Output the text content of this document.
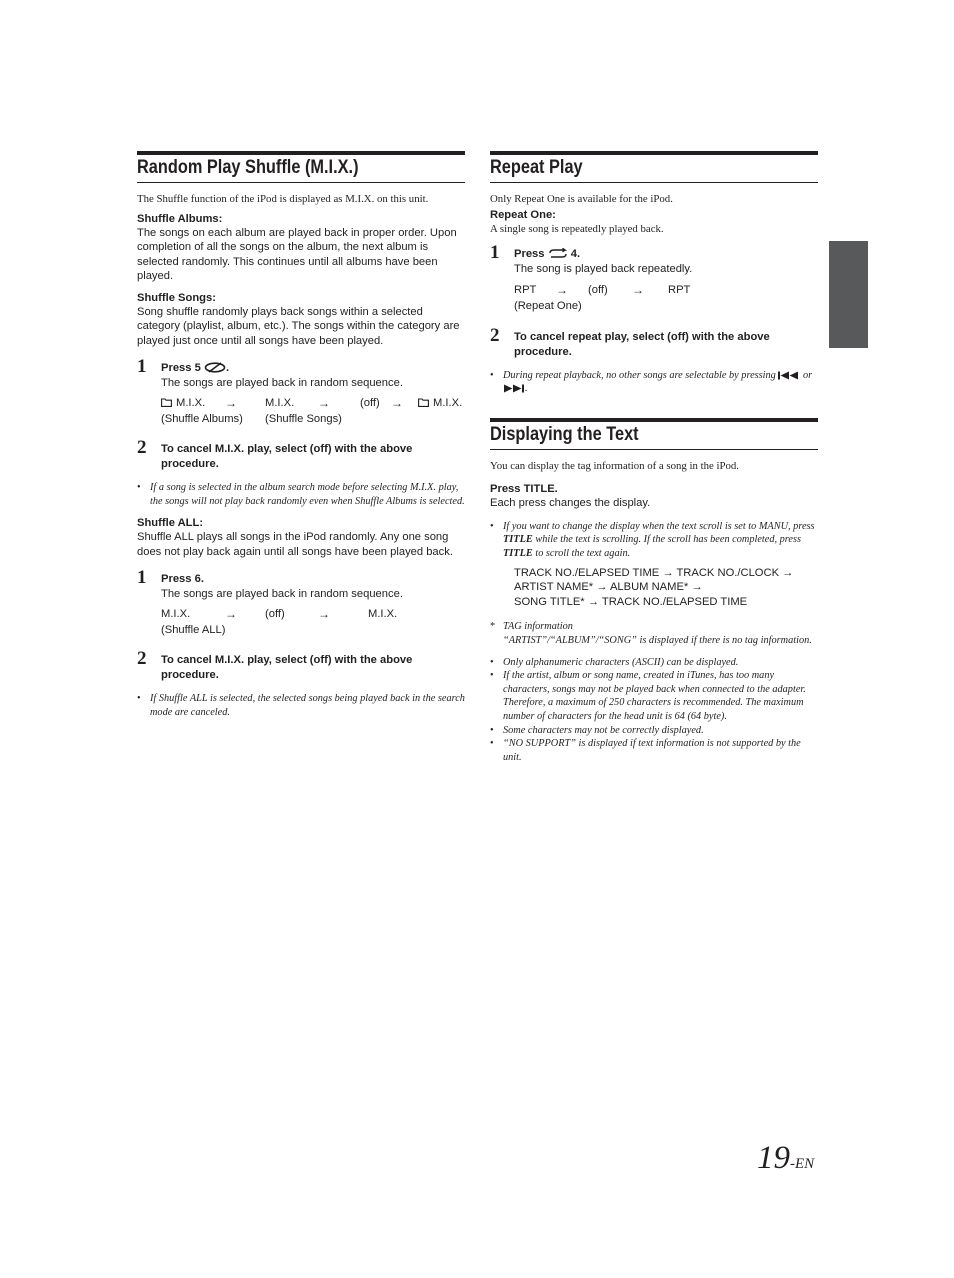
Random Play Shuffle (M.I.X.)
The Shuffle function of the iPod is displayed as M.I.X. on this unit.
Shuffle Albums:
The songs on each album are played back in proper order. Upon completion of all the songs on the album, the next album is selected randomly. This continues until all albums have been played.
Shuffle Songs:
Song shuffle randomly plays back songs within a selected category (playlist, album, etc.). The songs within the category are played just once until all songs have been played.
1 Press 5 .
The songs are played back in random sequence.
M.I.X. →	M.I.X. →	(off) →	M.I.X.
(Shuffle Albums) (Shuffle Songs)
2 To cancel M.I.X. play, select (off) with the above procedure.
• If a song is selected in the album search mode before selecting M.I.X. play, the songs will not play back randomly even when Shuffle Albums is selected.
Shuffle ALL:
Shuffle ALL plays all songs in the iPod randomly. Any one song does not play back again until all songs have been played back.
1 Press 6.
The songs are played back in random sequence.
M.I.X.	→	(off)	→	M.I.X.
(Shuffle ALL)
2 To cancel M.I.X. play, select (off) with the above procedure.
• If Shuffle ALL is selected, the selected songs being played back in the search mode are canceled.
Repeat Play
Only Repeat One is available for the iPod.
Repeat One:
A single song is repeatedly played back.
1 Press 4.
The song is played back repeatedly.
RPT → (off) → RPT
(Repeat One)
2 To cancel repeat play, select (off) with the above procedure.
• During repeat playback, no other songs are selectable by pressing	or .
Displaying the Text
You can display the tag information of a song in the iPod.
Press TITLE.
Each press changes the display.
• If you want to change the display when the text scroll is set to MANU, press TITLE while the text is scrolling. If the scroll has been completed, press TITLE to scroll the text again.
TRACK NO./ELAPSED TIME → TRACK NO./CLOCK →
ARTIST NAME* → ALBUM NAME* →
SONG TITLE* → TRACK NO./ELAPSED TIME
* TAG information
“ARTIST”/“ALBUM”/“SONG” is displayed if there is no tag information.
• Only alphanumeric characters (ASCII) can be displayed.
• If the artist, album or song name, created in iTunes, has too many characters, songs may not be played back when connected to the adapter. Therefore, a maximum of 250 characters is recommended. The maximum number of characters for the head unit is 64 (64 byte).
• Some characters may not be correctly displayed.
• “NO SUPPORT” is displayed if text information is not supported by the unit.
19-EN
